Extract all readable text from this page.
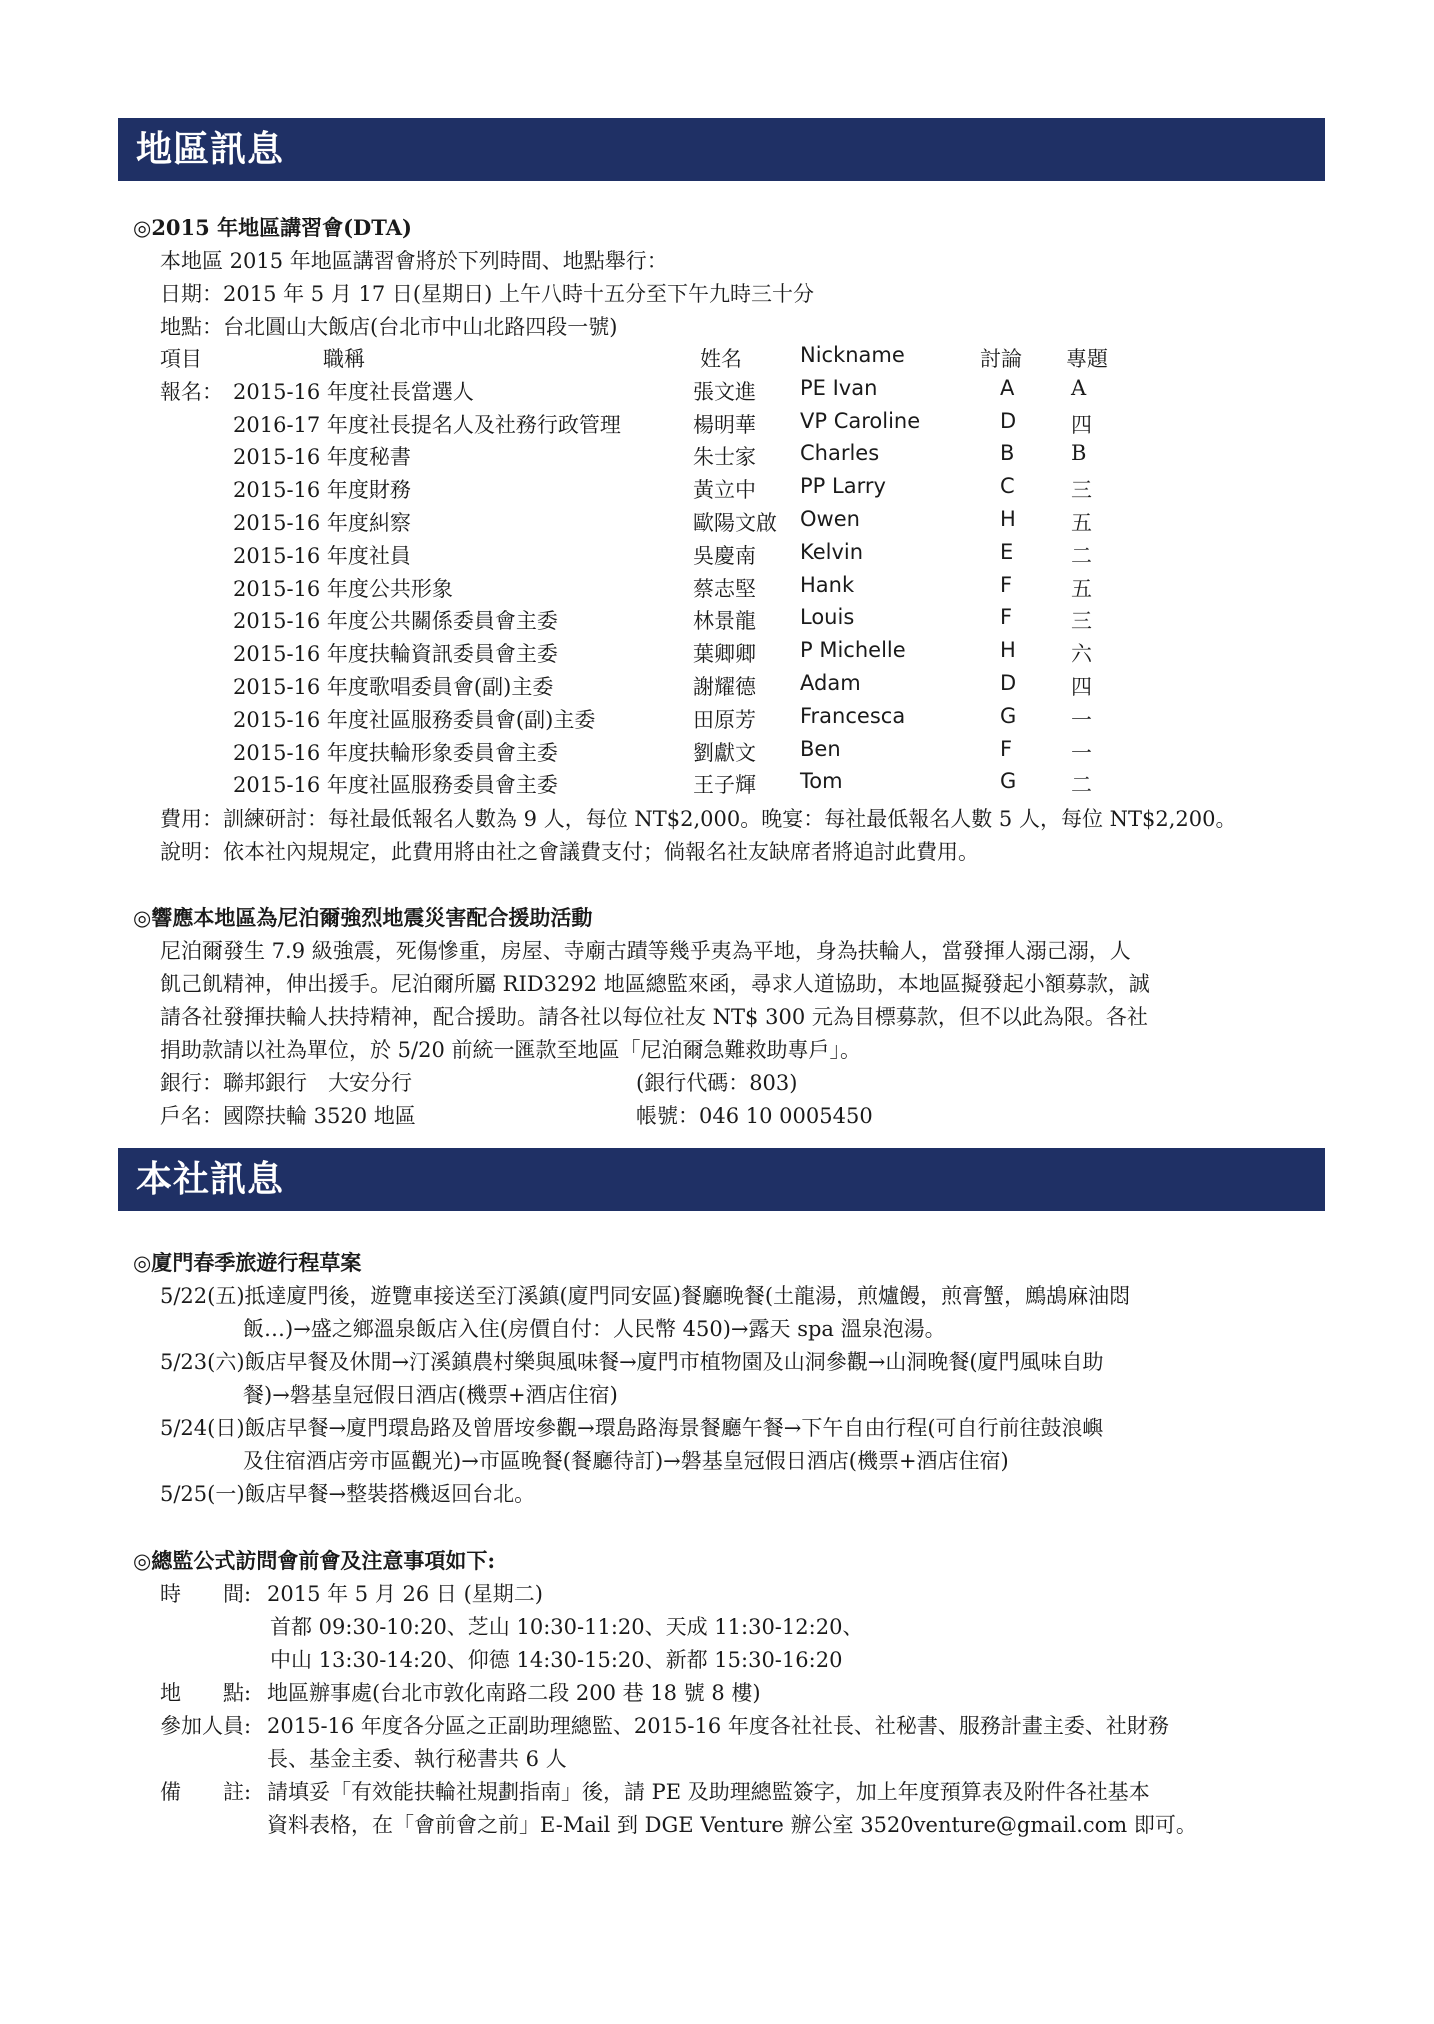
地區訊息
◎2015 年地區講習會(DTA)
本地區 2015 年地區講習會將於下列時間、地點舉行：
日期：2015 年 5 月 17 日(星期日) 上午八時十五分至下午九時三十分
地點：台北圓山大飯店(台北市中山北路四段一號)
項目	職稱	姓名	Nickname	討論 專題
報名： 2015-16 年度社長當選人	張文進 PE Ivan	A	A
2016-17 年度社長提名人及社務行政管理	楊明華 VP Caroline	D	四
2015-16 年度秘書	朱士家 Charles	B	B
2015-16 年度財務	黃立中 PP Larry	C	三
2015-16 年度糾察	歐陽文啟 Owen	H	五
2015-16 年度社員	吳慶南 Kelvin	E	二
2015-16 年度公共形象	蔡志堅 Hank	F	五
2015-16 年度公共關係委員會主委	林景龍 Louis	F	三
2015-16 年度扶輪資訊委員會主委	葉卿卿 P Michelle	H	六
2015-16 年度歌唱委員會(副)主委	謝耀德 Adam	D	四
2015-16 年度社區服務委員會(副)主委	田原芳 Francesca	G	一
2015-16 年度扶輪形象委員會主委	劉獻文 Ben	F	一
2015-16 年度社區服務委員會主委	王子輝 Tom	G	二
費用：訓練研討：每社最低報名人數為 9 人，每位 NT$2,000。晚宴：每社最低報名人數 5 人，每位 NT$2,200。
說明：依本社內規規定，此費用將由社之會議費支付；倘報名社友缺席者將追討此費用。
◎響應本地區為尼泊爾強烈地震災害配合援助活動
尼泊爾發生 7.9 級強震，死傷慘重，房屋、寺廟古蹟等幾乎夷為平地，身為扶輪人，當發揮人溺己溺，人
飢己飢精神，伸出援手。尼泊爾所屬 RID3292 地區總監來函，尋求人道協助，本地區擬發起小額募款，誠
請各社發揮扶輪人扶持精神，配合援助。請各社以每位社友 NT$ 300 元為目標募款，但不以此為限。各社
捐助款請以社為單位，於 5/20 前統一匯款至地區「尼泊爾急難救助專戶」。
銀行：聯邦銀行　大安分行	(銀行代碼：803)
戶名：國際扶輪 3520 地區	帳號：046 10 0005450
本社訊息
◎廈門春季旅遊行程草案
5/22(五)抵達廈門後，遊覽車接送至汀溪鎮(廈門同安區)餐廳晚餐(土龍湯，煎爐饅，煎膏蟹，鷓鴣麻油悶
飯…)→盛之鄉溫泉飯店入住(房價自付：人民幣 450)→露天 spa 溫泉泡湯。
5/23(六)飯店早餐及休閒→汀溪鎮農村樂與風味餐→廈門市植物園及山洞參觀→山洞晚餐(廈門風味自助
餐)→磐基皇冠假日酒店(機票+酒店住宿)
5/24(日)飯店早餐→廈門環島路及曾厝垵參觀→環島路海景餐廳午餐→下午自由行程(可自行前往鼓浪嶼
及住宿酒店旁市區觀光)→市區晚餐(餐廳待訂)→磐基皇冠假日酒店(機票+酒店住宿)
5/25(一)飯店早餐→整裝搭機返回台北。
◎總監公式訪問會前會及注意事項如下:
時　　間: 2015 年 5 月 26 日 (星期二)
首都 09:30-10:20、芝山 10:30-11:20、天成 11:30-12:20、
中山 13:30-14:20、仰德 14:30-15:20、新都 15:30-16:20
地　　點: 地區辦事處(台北市敦化南路二段 200 巷 18 號 8 樓)
參加人員: 2015-16 年度各分區之正副助理總監、2015-16 年度各社社長、社秘書、服務計畫主委、社財務
長、基金主委、執行秘書共 6 人
備　　註: 請填妥「有效能扶輪社規劃指南」後，請 PE 及助理總監簽字，加上年度預算表及附件各社基本
資料表格，在「會前會之前」E-Mail 到 DGE Venture 辦公室 3520venture@gmail.com 即可。
